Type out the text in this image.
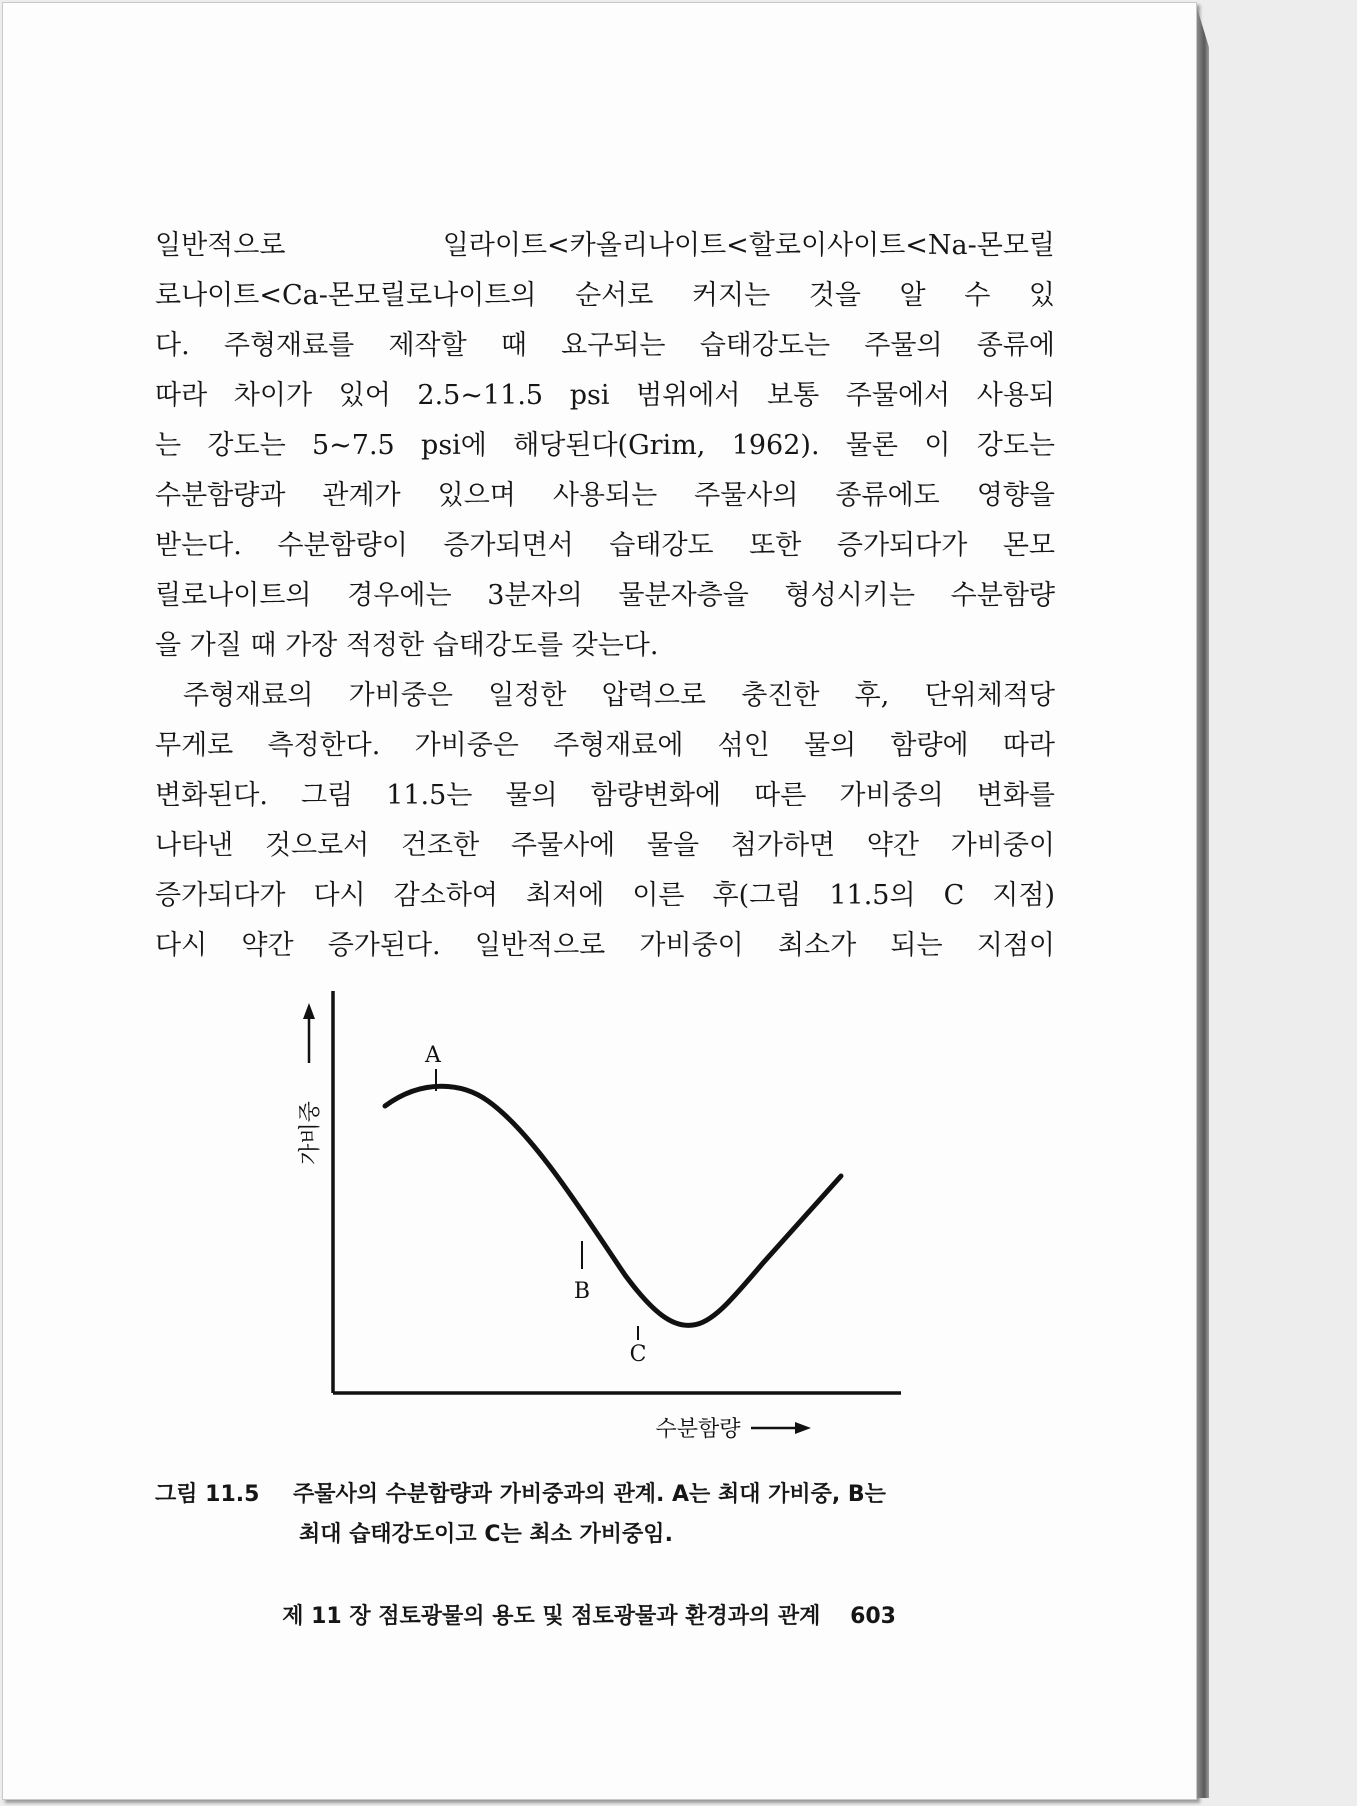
일반적으로 일라이트<카올리나이트<할로이사이트<Na-몬모릴
로나이트<Ca-몬모릴로나이트의 순서로 커지는 것을 알 수 있
다. 주형재료를 제작할 때 요구되는 습태강도는 주물의 종류에
따라 차이가 있어 2.5~11.5 psi 범위에서 보통 주물에서 사용되
는 강도는 5~7.5 psi에 해당된다(Grim, 1962). 물론 이 강도는
수분함량과 관계가 있으며 사용되는 주물사의 종류에도 영향을
받는다. 수분함량이 증가되면서 습태강도 또한 증가되다가 몬모
릴로나이트의 경우에는 3분자의 물분자층을 형성시키는 수분함량
을 가질 때 가장 적정한 습태강도를 갖는다.
주형재료의 가비중은 일정한 압력으로 충진한 후, 단위체적당
무게로 측정한다. 가비중은 주형재료에 섞인 물의 함량에 따라
변화된다. 그림 11.5는 물의 함량변화에 따른 가비중의 변화를
나타낸 것으로서 건조한 주물사에 물을 첨가하면 약간 가비중이
증가되다가 다시 감소하여 최저에 이른 후(그림 11.5의 C 지점)
다시 약간 증가된다. 일반적으로 가비중이 최소가 되는 지점이
가비중
A
B
C
수분함량
그림 11.5 주물사의 수분함량과 가비중과의 관계. A는 최대 가비중, B는
최대 습태강도이고 C는 최소 가비중임.
제 11 장 점토광물의 용도 및 점토광물과 환경과의 관계 603
